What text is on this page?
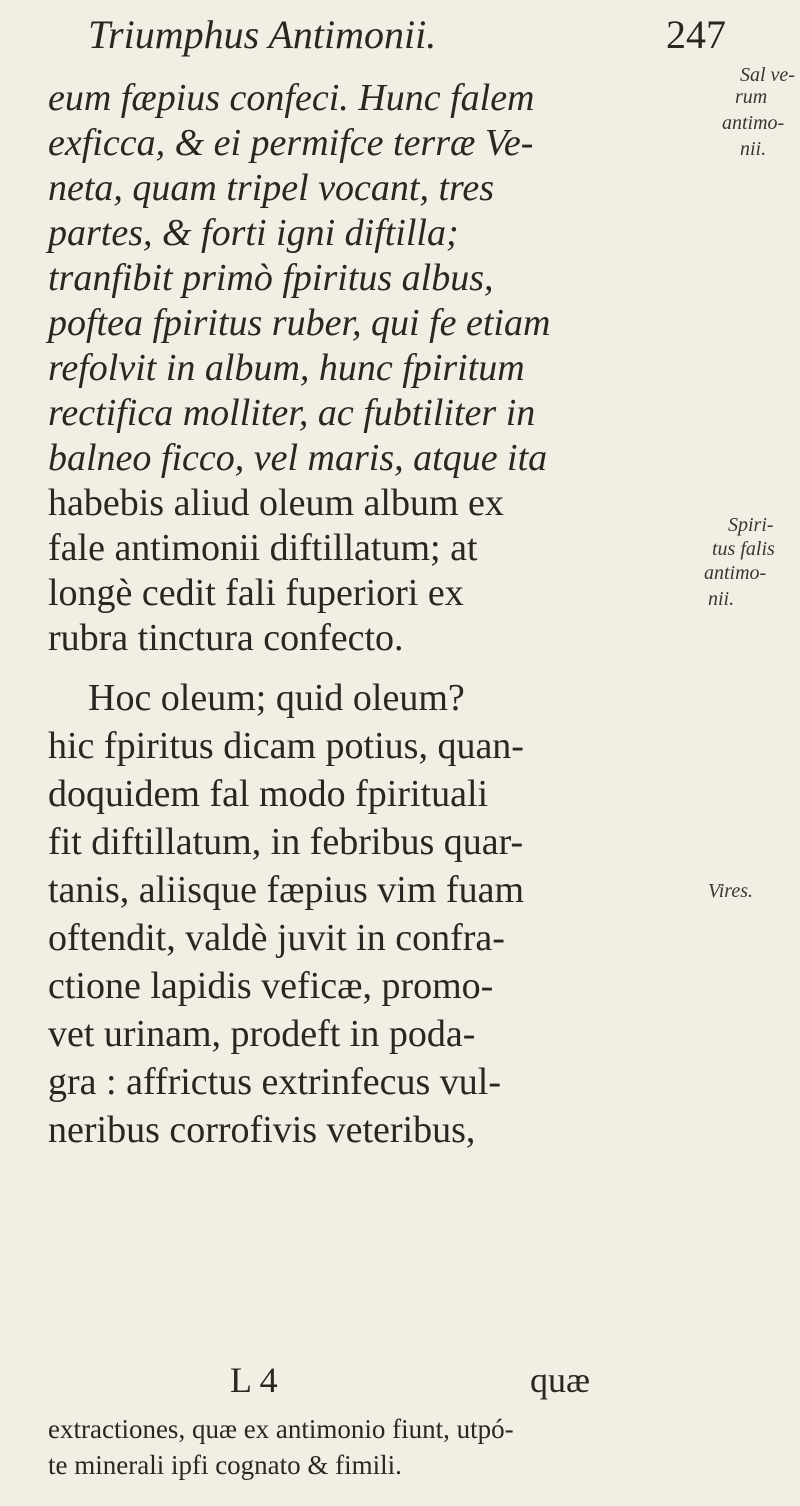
Triumphus Antimonii.	247
eum fæpius confeci. Hunc falem
exficca, & ei permifce terræ Ve-
neta, quam tripel vocant, tres
partes, & forti igni diftilla;
tranfibit primò fpiritus albus,
poftea fpiritus ruber, qui fe etiam
refolvit in album, hunc fpiritum
rectifica molliter, ac fubtiliter in
balneo ficco, vel maris, atque ita
habebis aliud oleum album ex
fale antimonii diftillatum; at
longè cedit fali fuperiori ex
rubra tinctura confecto.
Hoc oleum; quid oleum?
hic fpiritus dicam potius, quan-
doquidem fal modo fpirituali
fit diftillatum, in febribus quar-
tanis, aliisque fæpius vim fuam
oftendit, valdè juvit in confra-
ctione lapidis veficæ, promo-
vet urinam, prodeft in poda-
gra : affrictus extrinfecus vul-
neribus corrofivis veteribus,
Sal ve-
rum
antimo-
nii.
Spiri-
tus falis
antimo-
nii.
Vires.
L 4	quæ
extractiones, quæ ex antimonio fiunt, utpó-
te minerali ipfi cognato & fimili.
